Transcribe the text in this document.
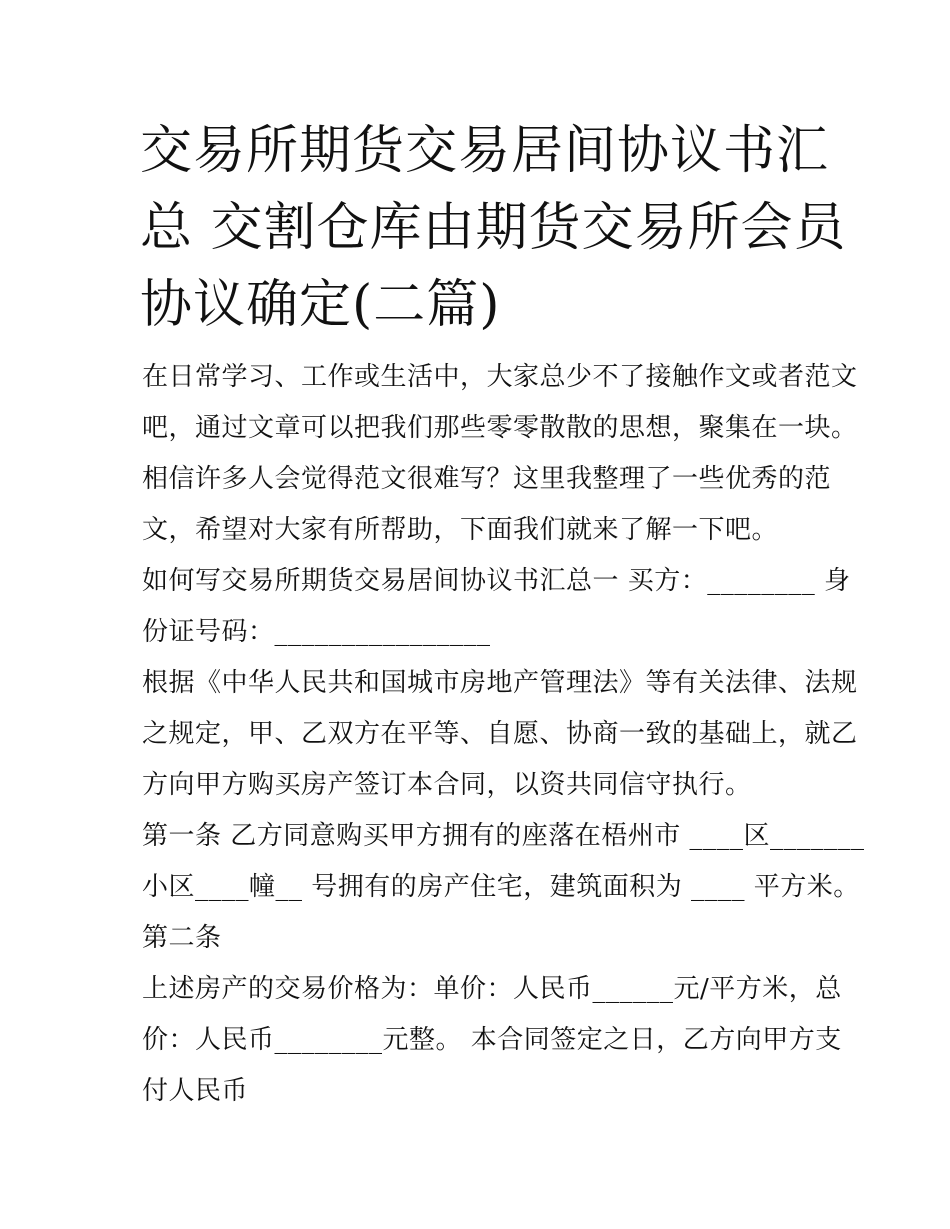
交易所期货交易居间协议书汇
总 交割仓库由期货交易所会员
协议确定(二篇)
在日常学习、工作或生活中，大家总少不了接触作文或者范文
吧，通过文章可以把我们那些零零散散的思想，聚集在一块。
相信许多人会觉得范文很难写？这里我整理了一些优秀的范
文，希望对大家有所帮助，下面我们就来了解一下吧。
如何写交易所期货交易居间协议书汇总一 买方：________ 身
份证号码：________________
根据《中华人民共和国城市房地产管理法》等有关法律、法规
之规定，甲、乙双方在平等、自愿、协商一致的基础上，就乙
方向甲方购买房产签订本合同，以资共同信守执行。
第一条 乙方同意购买甲方拥有的座落在梧州市 ____区_______
小区____幢__ 号拥有的房产住宅，建筑面积为 ____ 平方米。
第二条
上述房产的交易价格为：单价：人民币______元/平方米，总
价：人民币________元整。 本合同签定之日，乙方向甲方支
付人民币
